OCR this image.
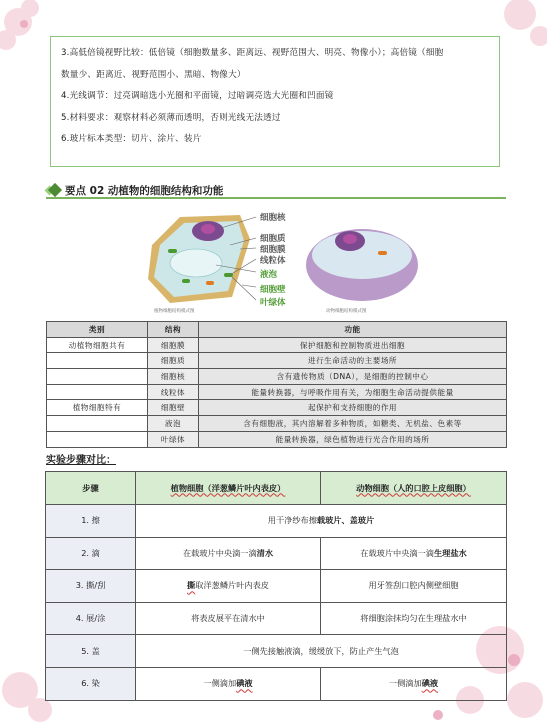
3.高低倍镜视野比较：低倍镜（细胞数量多、距离远、视野范围大、明亮、物像小）；高倍镜（细胞

数量少、距离近、视野范围小、黑暗、物像大）

4.光线调节：过亮调暗选小光圈和平面镜，过暗调亮选大光圈和凹面镜

5.材料要求：观察材料必须薄而透明，否则光线无法透过

6.玻片标本类型：切片、涂片、装片

要点 02 动植物的细胞结构和功能
细胞核
细胞质
细胞膜
线粒体
液泡
细胞壁
叶绿体
植物细胞结构模式图	动物细胞结构模式图
类别	结构	功能
动植物细胞共有	细胞膜	保护细胞和控制物质进出细胞
	细胞质	进行生命活动的主要场所
	细胞核	含有遗传物质（DNA），是细胞的控制中心
	线粒体	能量转换器，与呼吸作用有关，为细胞生命活动提供能量
植物细胞特有	细胞壁	起保护和支持细胞的作用
	液泡	含有细胞液，其内溶解着多种物质，如糖类、无机盐、色素等
	叶绿体	能量转换器，绿色植物进行光合作用的场所
实验步骤对比：
步骤	植物细胞（洋葱鳞片叶内表皮）	动物细胞（人的口腔上皮细胞）
1. 擦	用干净纱布擦载玻片、盖玻片	
2. 滴	在载玻片中央滴一滴清水	在载玻片中央滴一滴生理盐水
3. 撕/刮	撕取洋葱鳞片叶内表皮	用牙签刮口腔内侧壁细胞
4. 展/涂	将表皮展平在清水中	将细胞涂抹均匀在生理盐水中
5. 盖	一侧先接触液滴，缓缓放下，防止产生气泡	
6. 染	一侧滴加碘液	一侧滴加碘液
